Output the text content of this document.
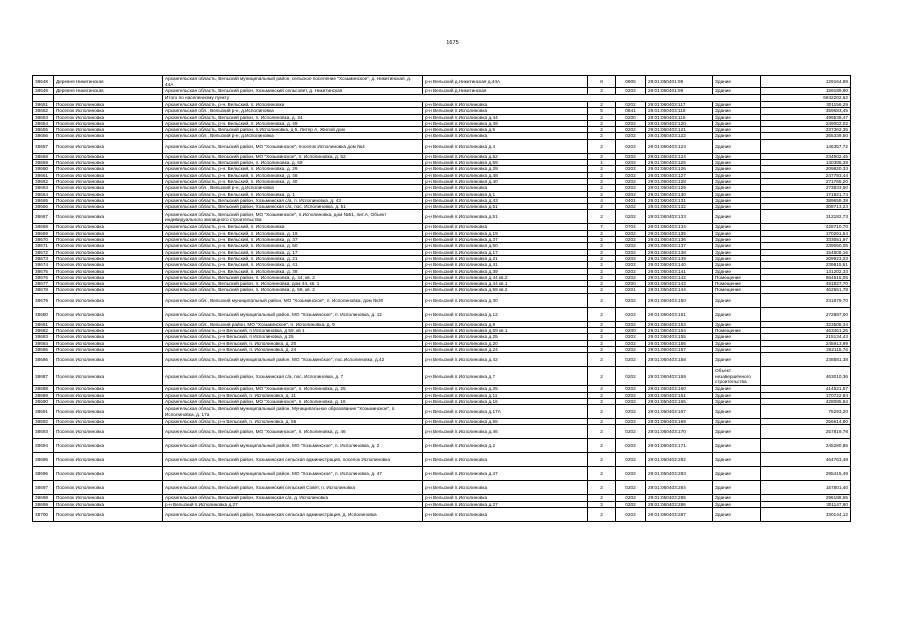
1675
38648	Деревня Никитинская	Архангельская область, Вельский муниципальный район, сельское поселение "Хозьминское", д. Никитинская, д. 44А	р-н Вельский д.Никитинская д.44А	8	0805	29:01:060401:98	Здание	129164,89
38649	Деревня Никитинская	Архангельская область, Вельский район, Хозьминский сельсовет, д. Никитинская	р-н Вельский д.Никитинская	2	0202	29:01:060401:99	Здание	159189,80
		Итого по населенному пункту						6842202,62
38651	Поселок Исполиновка	Архангельская область, р-н. Вельский, п. Исполиновка	р-н Вельский п.Исполиновка	2	0202	29:01:060403:117	Здание	301156,29
38652	Поселок Исполиновка	Архангельская обл., Вельский р-н, д.Исполиновка	р-н Вельский п.Исполиновка	5	0841	29:01:060403:118	Здание	359683,45
38653	Поселок Исполиновка	Архангельская область, Вельский район, п. Исполиновка, д. 44	р-н Вельский п.Исполиновка д.44	2	0200	29:01:060403:119	Здание	499538,47
38654	Поселок Исполиновка	Архангельская область, р-н. Вельский, п. Исполиновка, д. 49	р-н Вельский п.Исполиновка д.49	2	0202	29:01:060403:120	Здание	249002,02
38655	Поселок Исполиновка	Архангельская область, Вельский район, п.Исполиновка, д.5, Литер А, Жилой дом	р-н Вельский п.Исполиновка д.5	2	0202	29:01:060403:121	Здание	237362,35
38656	Поселок Исполиновка	Архангельская обл., Вельский р-н, д.Исполиновка	р-н Вельский п.Исполиновка	2	0202	29:01:060403:122	Здание	265339,50
38657	Поселок Исполиновка	Архангельская область, Вельский район, МО "Хозьминское", поселок Исполиновка дом №4	р-н Вельский п.Исполиновка д.4	2	0202	29:01:060403:123	Здание	146357,72
38658	Поселок Исполиновка	Архангельская область, Вельский район, МО "Хозьминское", п. Исполиновка, д. 52	р-н Вельский п.Исполиновка д.52	2	0202	29:01:060403:124	Здание	234902,45
38659	Поселок Исполиновка	Архангельская область, Вельский район, п. Исполиновка, д. 59	р-н Вельский п.Исполиновка д.59	1	0202	29:01:060403:125	Здание	140385,28
38660	Поселок Исполиновка	Архангельская область, р-н. Вельский, п. Исполиновка, д. 29	р-н Вельский п.Исполиновка д.29	2	0202	29:01:060403:126	Здание	209820,33
38661	Поселок Исполиновка	Архангельская область, р-н. Вельский, п. Исполиновка, д. 48	р-н Вельский п.Исполиновка д.48	2	0202	29:01:060403:127	Здание	247793,44
38662	Поселок Исполиновка	Архангельская область, р-н. Вельский, п. Исполиновка, д. 40	р-н Вельский п.Исполиновка д.40	2	0202	29:01:060403:128	Здание	271765,20
38663	Поселок Исполиновка	Архангельская обл., Вельский р-н, д.Исполиновка	р-н Вельский п.Исполиновка	2	0202	29:01:060403:129	Здание	273833,50
38664	Поселок Исполиновка	Архангельская область, р-н. Вельский, п. Исполиновка, д. 1	р-н Вельский п.Исполиновка д.1	2	0202	29:01:060403:130	Здание	171921,74
38665	Поселок Исполиновка	Архангельская область, Вельский район, Хозьминская с/а, п. Исполиновка, д. 43	р-н Вельский п.Исполиновка д.43	4	0401	29:01:060403:131	Здание	389659,38
38666	Поселок Исполиновка	Архангельская область, Вельский район, Хозьминская с/а, пос. Исполиновка, д. 51	р-н Вельский п.Исполиновка д.51	2	0202	29:01:060403:132	Здание	308713,23
38667	Поселок Исполиновка	Архангельская область, Вельский район, МО "Хозьминское", п.Исполиновка, дом №51, лит.А, Объект индивидуального жилищного строительства	р-н Вельский п.Исполиновка д.51	2	0202	29:01:060403:133	Здание	312182,73
38668	Поселок Исполиновка	Архангельская область, р-н. Вельский, п. Исполиновка	р-н Вельский п.Исполиновка	7	0704	29:01:060403:134	Здание	428710,70
38669	Поселок Исполиновка	Архангельская область, р-н. Вельский, п. Исполиновка, д. 19	р-н Вельский п.Исполиновка д.19	2	0202	29:01:060403:135	Здание	170261,54
38670	Поселок Исполиновка	Архангельская область, р-н. Вельский, п. Исполиновка, д. 37	р-н Вельский п.Исполиновка д.37	2	0202	29:01:060403:136	Здание	333051,97
38671	Поселок Исполиновка	Архангельская область, р-н. Вельский, п. Исполиновка, д. 50	р-н Вельский п.Исполиновка д.50	2	0202	29:01:060403:137	Здание	239050,05
38672	Поселок Исполиновка	Архангельская область, р-н. Вельский, п. Исполиновка, д. 17	р-н Вельский п.Исполиновка д.17	2	0202	29:01:060403:138	Здание	154809,16
38673	Поселок Исполиновка	Архангельская область, р-н. Вельский, п. Исполиновка, д. 21	р-н Вельский п.Исполиновка д.21	2	0202	29:01:060403:139	Здание	209923,33
38674	Поселок Исполиновка	Архангельская область, р-н. Вельский, п. Исполиновка, д. 41	р-н Вельский п.Исполиновка д.41	2	0202	29:01:060403:140	Здание	239815,61
38675	Поселок Исполиновка	Архангельская область, р-н. Вельский, п. Исполиновка, д. 39	р-н Вельский п.Исполиновка д.39	2	0202	29:01:060403:141	Здание	131202,33
38676	Поселок Исполиновка	Архангельская область, Вельский район, п. Исполиновка, д. 44, кв. 2	р-н Вельский п.Исполиновка д.44 кв.2	2	0202	29:01:060403:142	Помещение	564515,05
38677	Поселок Исполиновка	Архангельская область, Вельский район, п. Исполиновка, дом 44, кв. 1	р-н Вельский п.Исполиновка д.44 кв.1	2	0200	29:01:060403:143	Помещение	491827,70
38678	Поселок Исполиновка	Архангельская область, Вельский район, п. Исполиновка, д. 59, кв. 2	р-н Вельский п.Исполиновка д.59 кв.2	2	0201	29:01:060403:144	Помещение	462561,78
38679	Поселок Исполиновка	Архангельская обл., Вельский муниципальный район, МО "Хозьминское", п. Исполиновка, дом №30	р-н Вельский п.Исполиновка д.30	2	0202	29:01:060403:150	Здание	231879,70
38680	Поселок Исполиновка	Архангельская область, Вельский муниципальный район, МО "Хозьминское", п. Исполиновка, д. 12	р-н Вельский п.Исполиновка д.12	2	0202	29:01:060403:151	Здание	272887,00
38681	Поселок Исполиновка	Архангельская обл., Вельский район, МО "Хозьминское", п. Исполиновка, д. 9	р-н Вельский п.Исполиновка д.9	2	0202	29:01:060403:153	Здание	323508,34
38682	Поселок Исполиновка	Архангельская область, р-н Вельский, п Исполиновка, д 59, кв 1	р-н Вельский п.Исполиновка д.59 кв.1	2	0200	29:01:060403:154	Помещение	463461,26
38683	Поселок Исполиновка	Архангельская область, р-н Вельский, п Исполиновка, д 25	р-н Вельский п.Исполиновка д.25	2	0202	29:01:060403:155	Здание	215134,43
38684	Поселок Исполиновка	Архангельская область, р-н Вельский, п. Исполиновка, д. 20	р-н Вельский п.Исполиновка д.20	2	0202	29:01:060403:156	Здание	245913,99
38685	Поселок Исполиновка	Архангельская область, р-н Вельский, п. Исполиновка, д. 24	р-н Вельский п.Исполиновка д.24	2	0202	29:01:060403:157	Здание	262115,76
38686	Поселок Исполиновка	Архангельская область, Вельский муниципальный район, МО "Хозьминское", пос.Исполиновка, д.42	р-н Вельский п.Исполиновка д.42	2	0202	29:01:060403:158	Здание	238581,38
38687	Поселок Исполиновка	Архангельская область, Вельский район, Хозьминская с/а, пос. Исполиновка, д. 7	р-н Вельский п.Исполиновка д.7	2	0202	29:01:060403:159	Объект незавершённого строительства	463010,36
38688	Поселок Исполиновка	Архангельская область, Вельский район, МО "Хозьминское", п. Исполиновка, д. 25	р-н Вельский п.Исполиновка д.25	2	0202	29:01:060403:160	Здание	414521,67
38689	Поселок Исполиновка	Архангельская область, р-н Вельский, п. Исполиновка, д. 11	р-н Вельский п.Исполиновка д.11	2	0202	29:01:060403:161	Здание	170722,84
38690	Поселок Исполиновка	Архангельская область, Вельский район, МО "Хозьминское", п. Исполиновка, д. 16	р-н Вельский п.Исполиновка д.16	2	0202	29:01:060403:165	Здание	428085,94
38691	Поселок Исполиновка	Архангельская область, Вельский муниципальный район, Муниципальное образование "Хозьминское", п. Исполиновка, д. 17а	р-н Вельский п.Исполиновка д.17А	2	0202	29:01:060403:167	Здание	75293,20
38692	Поселок Исполиновка	Архангельская область, р-н Вельский, п. Исполиновка, д. 55	р-н Вельский п.Исполиновка д.55	2	0202	29:01:060403:169	Здание	256614,80
38693	Поселок Исполиновка	Архангельская область, Вельский район, МО "Хозьминское", п. Исполиновка, д. 46	р-н Вельский п.Исполиновка д.46	2	0202	29:01:060403:170	Здание	257819,78
38694	Поселок Исполиновка	Архангельская область, Вельский муниципальный район, МО "Хозьминское", п. Исполиновка, д. 2	р-н Вельский п.Исполиновка д.2	2	0202	29:01:060403:171	Здание	245280,85
38695	Поселок Исполиновка	Архангельская область, Вельский район, Хозьминская сельская администрация, поселок Исполиновка	р-н Вельский п.Исполиновка	2	0202	29:01:060403:282	Здание	464763,48
38696	Поселок Исполиновка	Архангельская область, Вельский муниципальный район, МО "Хозьминское", п. Исполиновка, д. 47	р-н Вельский п.Исполиновка д.47	2	0202	29:01:060403:283	Здание	295415,49
38697	Поселок Исполиновка	Архангельская область, Вельский район, Хозьминский сельский Совет, п. Исполиновка	р-н Вельский п.Исполиновка	2	0202	29:01:060403:284	Здание	157801,40
38698	Поселок Исполиновка	Архангельская область, Вельский район, Хозьминская с/а, д. Исполиновка	р-н Вельский п.Исполиновка	2	0202	29:01:060403:285	Здание	296188,65
38699	Поселок Исполиновка	р-н Вельский п.Исполиновка д.27	р-н Вельский п.Исполиновка д.27	2	0202	29:01:060403:286	Здание	301147,80
38700	Поселок Исполиновка	Архангельская область, Вельский район, Хозьминская сельская администрация, д. Исполиновка	р-н Вельский п.Исполиновка	2	0202	29:01:060403:287	Здание	330144,12
